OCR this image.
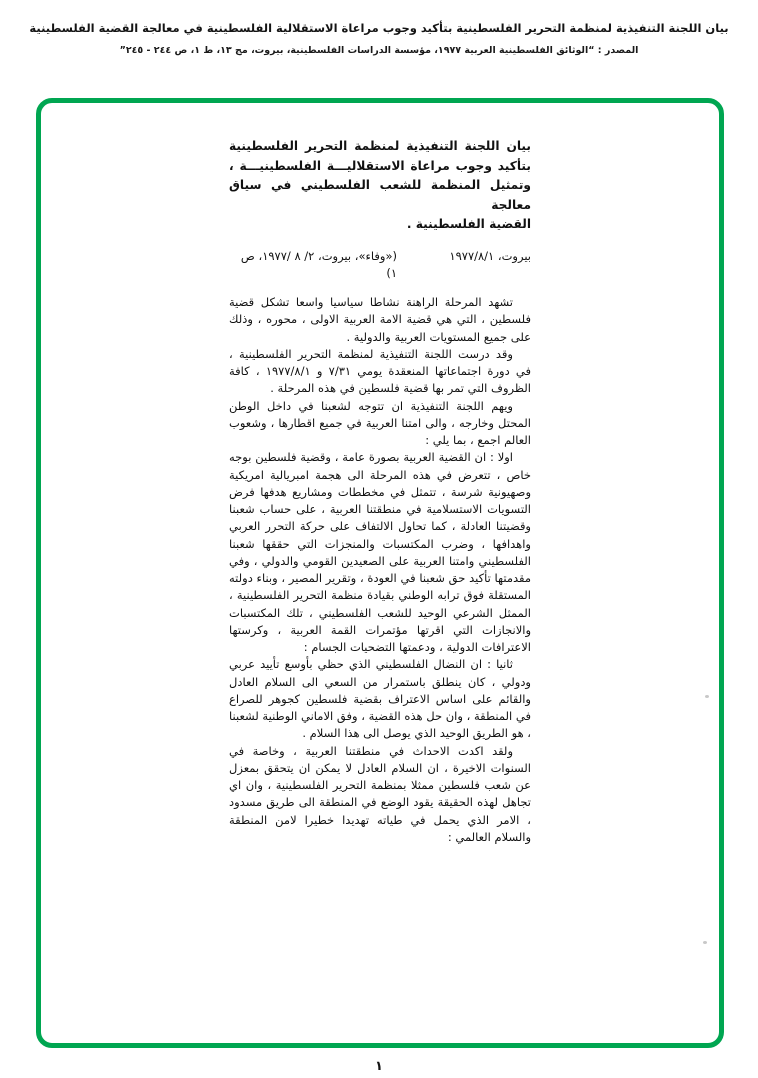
بيان اللجنة التنفيذية لمنظمة التحرير الفلسطينية بتأكيد وجوب مراعاة الاستقلالية الفلسطينية في معالجة القضية الفلسطينية
المصدر : “الوثائق الفلسطينية العربية ١٩٧٧، مؤسسة الدراسات الفلسطينية، بيروت، مج ١٣، ط ١، ص ٢٤٤ - ٢٤٥”
بيان اللجنة التنفيذية لمنظمة التحرير الفلسطينية
بتأكيد وجوب مراعاة الاستقلاليـــة الفلسطينيـــة ،
وتمثيل المنظمة للشعب الفلسطيني في سياق معالجة
القضية الفلسطينية .
بيروت، ١٩٧٧/٨/١
(«وفاء»، بيروت، ٢/ ٨ /١٩٧٧، ص ١)

تشهد المرحلة الراهنة نشاطا سياسيا واسعا تشكل قضية فلسطين ، التي هي قضية الامة العربية الاولى ، محوره ، وذلك على جميع المستويات العربية والدولية .

وقد درست اللجنة التنفيذية لمنظمة التحرير الفلسطينية ، في دورة اجتماعاتها المنعقدة يومي ٧/٣١ و ١٩٧٧/٨/١ ، كافة الظروف التي تمر بها قضية فلسطين في هذه المرحلة .

ويهم اللجنة التنفيذية ان تتوجه لشعبنا في داخل الوطن المحتل وخارجه ، والى امتنا العربية في جميع اقطارها ، وشعوب العالم اجمع ، بما يلي :

اولا : ان القضية العربية بصورة عامة ، وقضية فلسطين بوجه خاص ، تتعرض في هذه المرحلة الى هجمة امبريالية امريكية وصهيونية شرسة ، تتمثل في مخططات ومشاريع هدفها فرض التسويات الاستسلامية في منطقتنا العربية ، على حساب شعبنا وقضيتنا العادلة ، كما تحاول الالتفاف على حركة التحرر العربي واهدافها ، وضرب المكتسبات والمنجزات التي حققها شعبنا الفلسطيني وامتنا العربية على الصعيدين القومي والدولي ، وفي مقدمتها تأكيد حق شعبنا في العودة ، وتقرير المصير ، وبناء دولته المستقلة فوق ترابه الوطني بقيادة منظمة التحرير الفلسطينية ، الممثل الشرعي الوحيد للشعب الفلسطيني ، تلك المكتسبات والانجازات التي اقرتها مؤتمرات القمة العربية ، وكرستها الاعترافات الدولية ، ودعمتها التضحيات الجسام :

ثانيا : ان النضال الفلسطيني الذي حظي بأوسع تأييد عربي ودولي ، كان ينطلق باستمرار من السعي الى السلام العادل والقائم على اساس الاعتراف بقضية فلسطين كجوهر للصراع في المنطقة ، وان حل هذه القضية ، وفق الاماني الوطنية لشعبنا ، هو الطريق الوحيد الذي يوصل الى هذا السلام .

ولقد اكدت الاحداث في منطقتنا العربية ، وخاصة في السنوات الاخيرة ، ان السلام العادل لا يمكن ان يتحقق بمعزل عن شعب فلسطين ممثلا بمنظمة التحرير الفلسطينية ، وان اي تجاهل لهذه الحقيقة يقود الوضع في المنطقة الى طريق مسدود ، الامر الذي يحمل في طياته تهديدا خطيرا لامن المنطقة والسلام العالمي :

١
